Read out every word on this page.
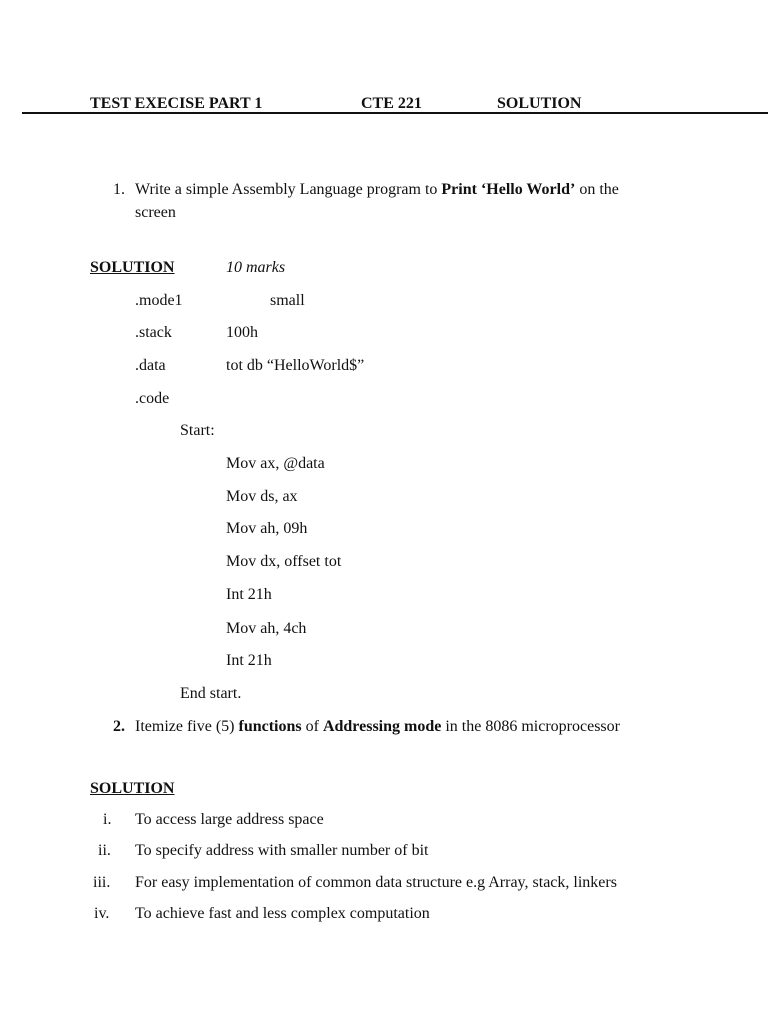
TEST EXECISE PART 1	CTE 221	SOLUTION
1. Write a simple Assembly Language program to Print ‘Hello World’ on the
screen
SOLUTION	10 marks
.mode1	small
.stack	100h
.data	tot db “HelloWorld$”
.code
Start:
Mov ax, @data
Mov ds, ax
Mov ah, 09h
Mov dx, offset tot
Int 21h
Mov ah, 4ch
Int 21h
End start.
2. Itemize five (5) functions of Addressing mode in the 8086 microprocessor
SOLUTION
i. To access large address space
ii. To specify address with smaller number of bit
iii. For easy implementation of common data structure e.g Array, stack, linkers
iv. To achieve fast and less complex computation
